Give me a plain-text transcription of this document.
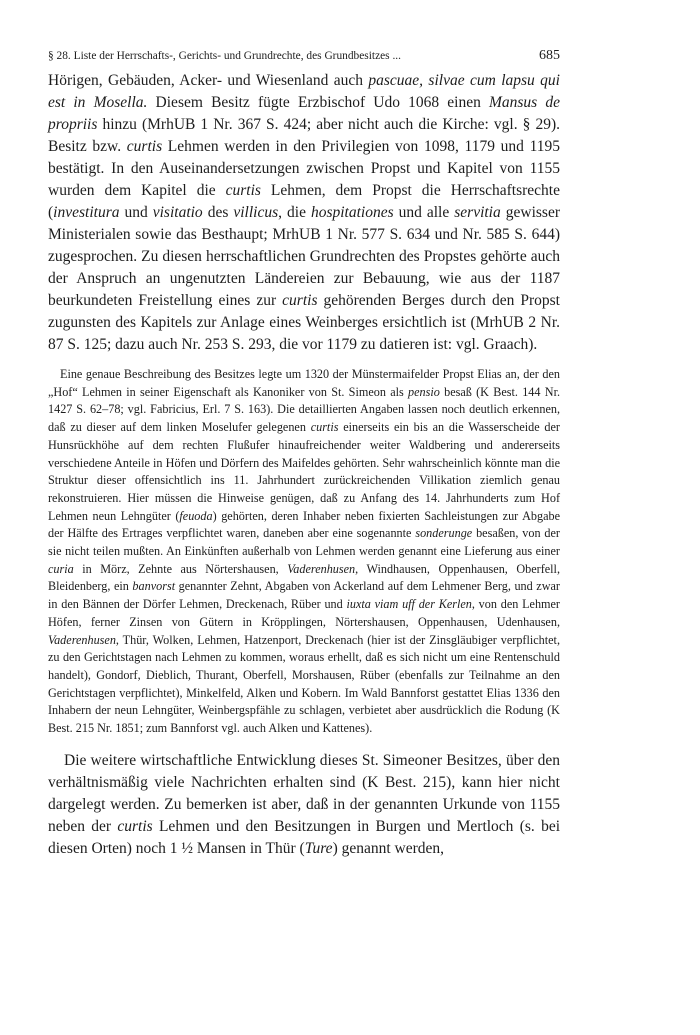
§ 28. Liste der Herrschafts-, Gerichts- und Grundrechte, des Grundbesitzes ...	685

Hörigen, Gebäuden, Acker- und Wiesenland auch pascuae, silvae cum lapsu qui est in Mosella. Diesem Besitz fügte Erzbischof Udo 1068 einen Mansus de propriis hinzu (MrhUB 1 Nr. 367 S. 424; aber nicht auch die Kirche: vgl. § 29). Besitz bzw. curtis Lehmen werden in den Privilegien von 1098, 1179 und 1195 bestätigt. In den Auseinandersetzungen zwischen Propst und Kapitel von 1155 wurden dem Kapitel die curtis Lehmen, dem Propst die Herrschaftsrechte (investitura und visitatio des villicus, die hospitationes und alle servitia gewisser Ministerialen sowie das Besthaupt; MrhUB 1 Nr. 577 S. 634 und Nr. 585 S. 644) zugesprochen. Zu diesen herrschaftlichen Grundrechten des Propstes gehörte auch der Anspruch an ungenutzten Ländereien zur Bebauung, wie aus der 1187 beurkundeten Freistellung eines zur curtis gehörenden Berges durch den Propst zugunsten des Kapitels zur Anlage eines Weinberges ersichtlich ist (MrhUB 2 Nr. 87 S. 125; dazu auch Nr. 253 S. 293, die vor 1179 zu datieren ist: vgl. Graach).

Eine genaue Beschreibung des Besitzes legte um 1320 der Münstermaifelder Propst Elias an, der den „Hof“ Lehmen in seiner Eigenschaft als Kanoniker von St. Simeon als pensio besaß (K Best. 144 Nr. 1427 S. 62–78; vgl. Fabricius, Erl. 7 S. 163). Die detaillierten Angaben lassen noch deutlich erkennen, daß zu dieser auf dem linken Moselufer gelegenen curtis einerseits ein bis an die Wasserscheide der Hunsrückhöhe auf dem rechten Flußufer hinaufreichender weiter Waldbering und andererseits verschiedene Anteile in Höfen und Dörfern des Maifeldes gehörten. Sehr wahrscheinlich könnte man die Struktur dieser offensichtlich ins 11. Jahrhundert zurückreichenden Villikation ziemlich genau rekonstruieren. Hier müssen die Hinweise genügen, daß zu Anfang des 14. Jahrhunderts zum Hof Lehmen neun Lehngüter (feuoda) gehörten, deren Inhaber neben fixierten Sachleistungen zur Abgabe der Hälfte des Ertrages verpflichtet waren, daneben aber eine sogenannte sonderunge besaßen, von der sie nicht teilen mußten. An Einkünften außerhalb von Lehmen werden genannt eine Lieferung aus einer curia in Mörz, Zehnte aus Nörtershausen, Vaderenhusen, Windhausen, Oppenhausen, Oberfell, Bleidenberg, ein banvorst genannter Zehnt, Abgaben von Ackerland auf dem Lehmener Berg, und zwar in den Bännen der Dörfer Lehmen, Dreckenach, Rüber und iuxta viam uff der Kerlen, von den Lehmer Höfen, ferner Zinsen von Gütern in Kröpplingen, Nörtershausen, Oppenhausen, Udenhausen, Vaderenhusen, Thür, Wolken, Lehmen, Hatzenport, Dreckenach (hier ist der Zinsgläubiger verpflichtet, zu den Gerichtstagen nach Lehmen zu kommen, woraus erhellt, daß es sich nicht um eine Rentenschuld handelt), Gondorf, Dieblich, Thurant, Oberfell, Morshausen, Rüber (ebenfalls zur Teilnahme an den Gerichtstagen verpflichtet), Minkelfeld, Alken und Kobern. Im Wald Bannforst gestattet Elias 1336 den Inhabern der neun Lehngüter, Weinbergspfähle zu schlagen, verbietet aber ausdrücklich die Rodung (K Best. 215 Nr. 1851; zum Bannforst vgl. auch Alken und Kattenes).

Die weitere wirtschaftliche Entwicklung dieses St. Simeoner Besitzes, über den verhältnismäßig viele Nachrichten erhalten sind (K Best. 215), kann hier nicht dargelegt werden. Zu bemerken ist aber, daß in der genannten Urkunde von 1155 neben der curtis Lehmen und den Besitzungen in Burgen und Mertloch (s. bei diesen Orten) noch 1 ½ Mansen in Thür (Ture) genannt werden,
